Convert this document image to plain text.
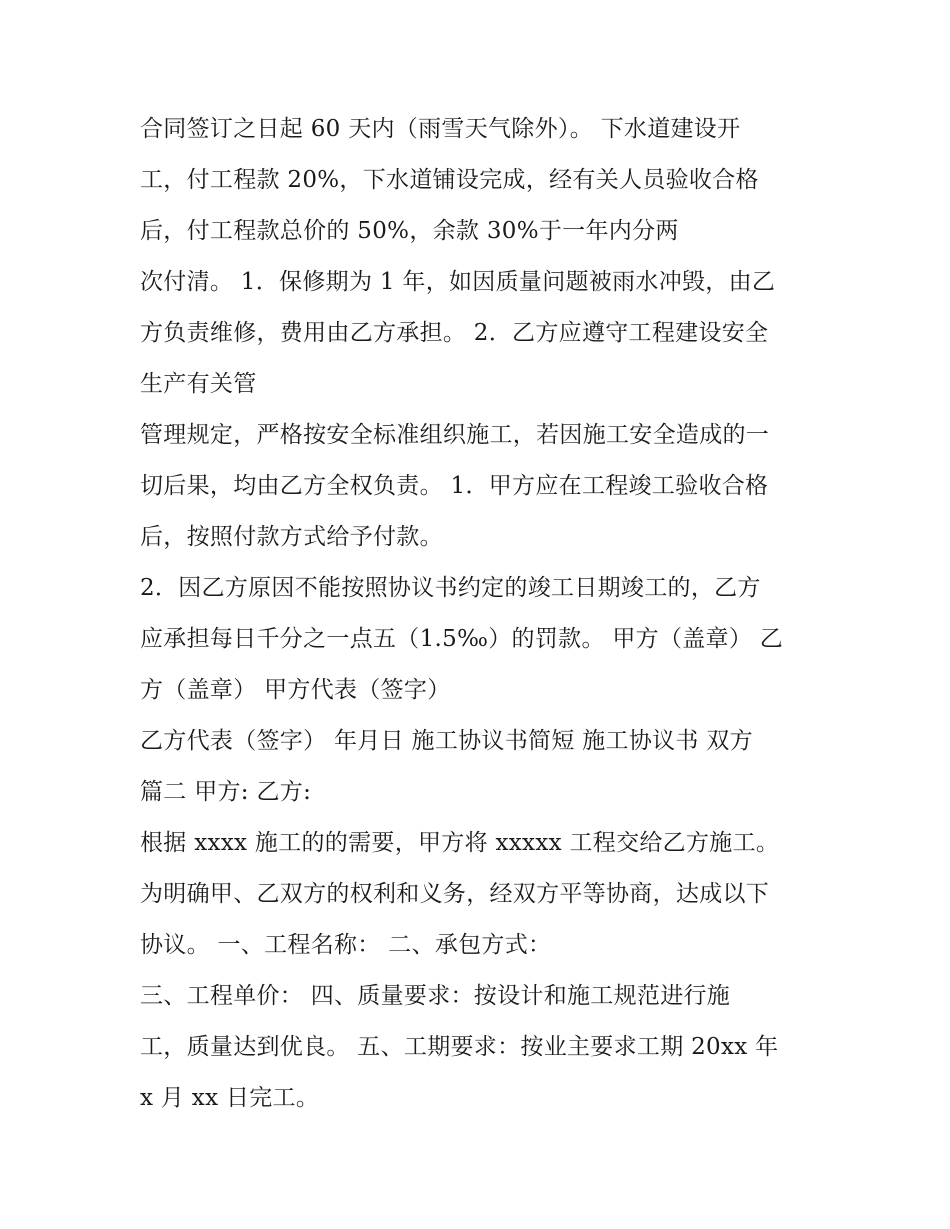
合同签订之日起 60 天内（雨雪天气除外）。 下水道建设开
工，付工程款 20%，下水道铺设完成，经有关人员验收合格
后，付工程款总价的 50%，余款 30%于一年内分两
次付清。 1．保修期为 1 年，如因质量问题被雨水冲毁，由乙
方负责维修，费用由乙方承担。 2．乙方应遵守工程建设安全
生产有关管
管理规定，严格按安全标准组织施工，若因施工安全造成的一
切后果，均由乙方全权负责。 1．甲方应在工程竣工验收合格
后，按照付款方式给予付款。
2．因乙方原因不能按照协议书约定的竣工日期竣工的，乙方
应承担每日千分之一点五（1.5‰）的罚款。 甲方（盖章） 乙
方（盖章） 甲方代表（签字）
乙方代表（签字） 年月日 施工协议书简短 施工协议书 双方
篇二 甲方: 乙方:
根据 xxxx 施工的的需要，甲方将 xxxxx 工程交给乙方施工。
为明确甲、乙双方的权利和义务，经双方平等协商，达成以下
协议。 一、工程名称： 二、承包方式：
三、工程单价： 四、质量要求：按设计和施工规范进行施
工，质量达到优良。 五、工期要求：按业主要求工期 20xx 年
x 月 xx 日完工。
